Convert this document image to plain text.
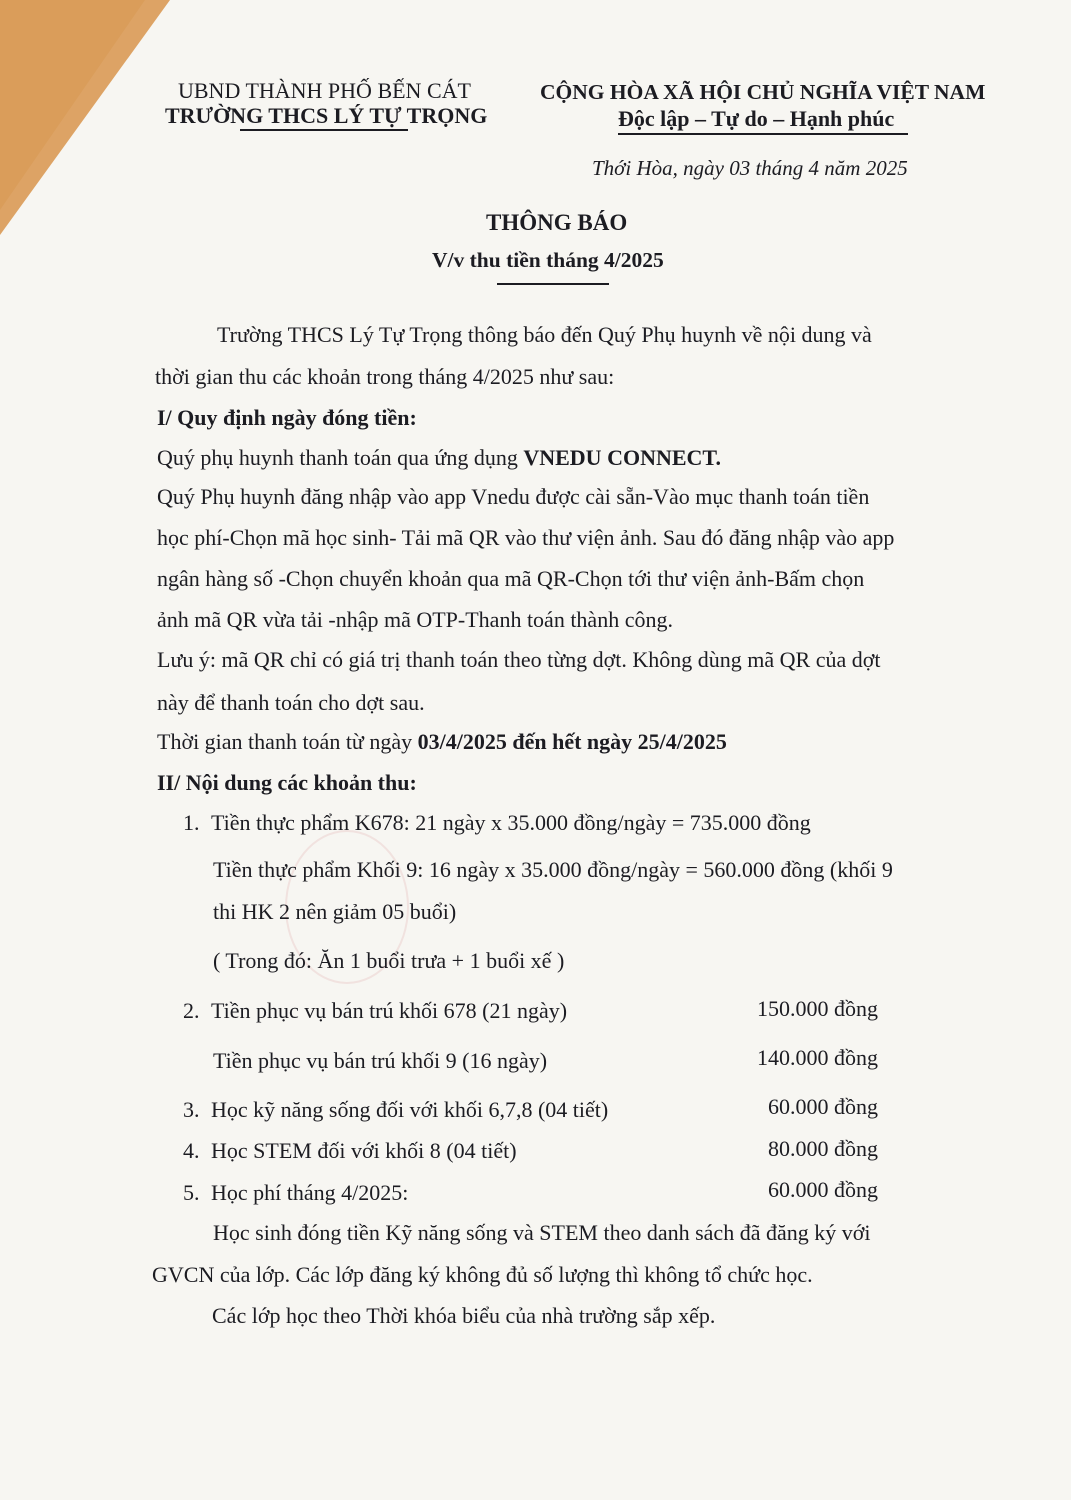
UBND THÀNH PHỐ BẾN CÁT
TRƯỜNG THCS LÝ TỰ TRỌNG
CỘNG HÒA XÃ HỘI CHỦ NGHĨA VIỆT NAM
Độc lập – Tự do – Hạnh phúc
Thới Hòa, ngày 03 tháng 4 năm 2025
THÔNG BÁO
V/v thu tiền tháng 4/2025
Trường THCS Lý Tự Trọng thông báo đến Quý Phụ huynh về nội dung và
thời gian thu các khoản trong tháng 4/2025 như sau:
I/ Quy định ngày đóng tiền:
Quý phụ huynh thanh toán qua ứng dụng VNEDU CONNECT.
Quý Phụ huynh đăng nhập vào app Vnedu được cài sẵn-Vào mục thanh toán tiền
học phí-Chọn mã học sinh- Tải mã QR vào thư viện ảnh. Sau đó đăng nhập vào app
ngân hàng số -Chọn chuyển khoản qua mã QR-Chọn tới thư viện ảnh-Bấm chọn
ảnh mã QR vừa tải -nhập mã OTP-Thanh toán thành công.
Lưu ý: mã QR chỉ có giá trị thanh toán theo từng dợt. Không dùng mã QR của dợt
này để thanh toán cho dợt sau.
Thời gian thanh toán từ ngày 03/4/2025 đến hết ngày 25/4/2025
II/ Nội dung các khoản thu:
1. Tiền thực phẩm K678: 21 ngày x 35.000 đồng/ngày = 735.000 đồng
Tiền thực phẩm Khối 9: 16 ngày x 35.000 đồng/ngày = 560.000 đồng (khối 9
thi HK 2 nên giảm 05 buổi)
( Trong đó: Ăn 1 buổi trưa + 1 buổi xế )
2. Tiền phục vụ bán trú khối 678 (21 ngày)	150.000 đồng
Tiền phục vụ bán trú khối 9 (16 ngày)	140.000 đồng
3. Học kỹ năng sống đối với khối 6,7,8 (04 tiết)	60.000 đồng
4. Học STEM đối với khối 8 (04 tiết)	80.000 đồng
5. Học phí tháng 4/2025:	60.000 đồng
Học sinh đóng tiền Kỹ năng sống và STEM theo danh sách đã đăng ký với
GVCN của lớp. Các lớp đăng ký không đủ số lượng thì không tổ chức học.
Các lớp học theo Thời khóa biểu của nhà trường sắp xếp.
